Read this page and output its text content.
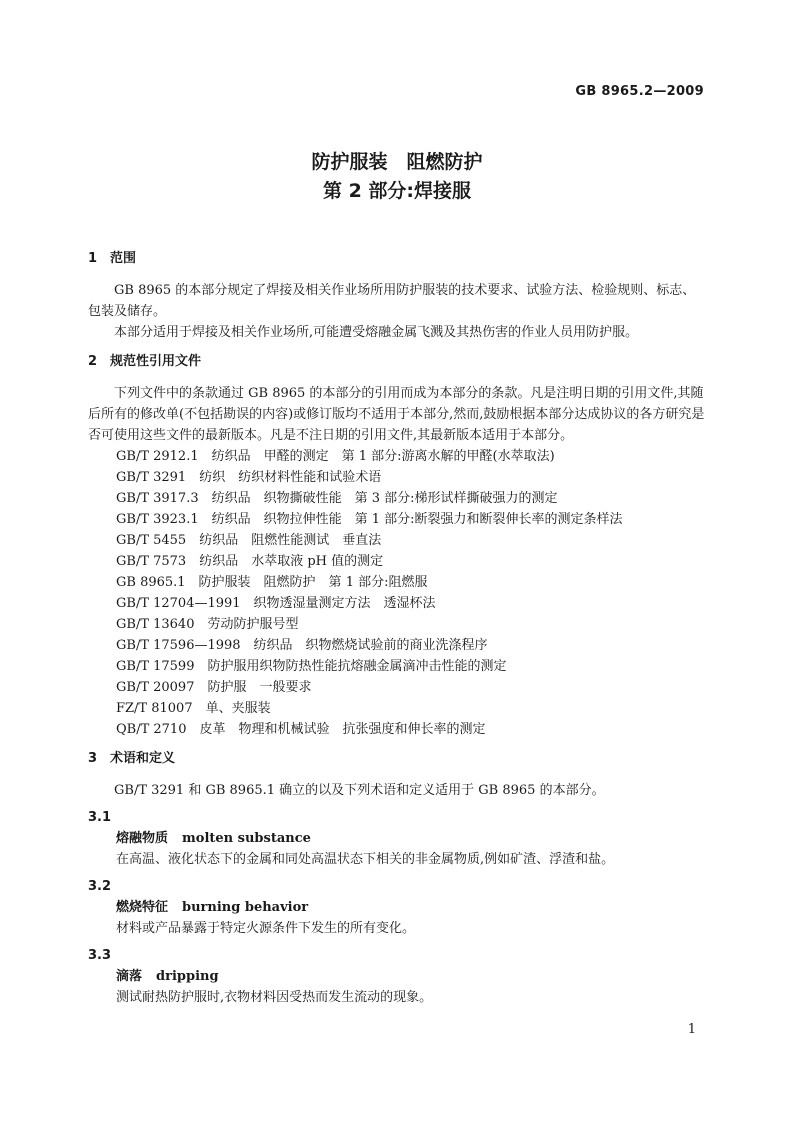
GB 8965.2—2009
防护服装　阻燃防护
第 2 部分:焊接服
1 范围

GB 8965 的本部分规定了焊接及相关作业场所用防护服装的技术要求、试验方法、检验规则、标志、包装及储存。

本部分适用于焊接及相关作业场所,可能遭受熔融金属飞溅及其热伤害的作业人员用防护服。

2 规范性引用文件

下列文件中的条款通过 GB 8965 的本部分的引用而成为本部分的条款。凡是注明日期的引用文件,其随后所有的修改单(不包括勘误的内容)或修订版均不适用于本部分,然而,鼓励根据本部分达成协议的各方研究是否可使用这些文件的最新版本。凡是不注日期的引用文件,其最新版本适用于本部分。

GB/T 2912.1　纺织品　甲醛的测定　第 1 部分:游离水解的甲醛(水萃取法)
GB/T 3291　纺织　纺织材料性能和试验术语
GB/T 3917.3　纺织品　织物撕破性能　第 3 部分:梯形试样撕破强力的测定
GB/T 3923.1　纺织品　织物拉伸性能　第 1 部分:断裂强力和断裂伸长率的测定条样法
GB/T 5455　纺织品　阻燃性能测试　垂直法
GB/T 7573　纺织品　水萃取液 pH 值的测定
GB 8965.1　防护服装　阻燃防护　第 1 部分:阻燃服
GB/T 12704—1991　织物透湿量测定方法　透湿杯法
GB/T 13640　劳动防护服号型
GB/T 17596—1998　纺织品　织物燃烧试验前的商业洗涤程序
GB/T 17599　防护服用织物防热性能抗熔融金属滴冲击性能的测定
GB/T 20097　防护服　一般要求
FZ/T 81007　单、夹服装
QB/T 2710　皮革　物理和机械试验　抗张强度和伸长率的测定
3 术语和定义

GB/T 3291 和 GB 8965.1 确立的以及下列术语和定义适用于 GB 8965 的本部分。

3.1
熔融物质 molten substance
在高温、液化状态下的金属和同处高温状态下相关的非金属物质,例如矿渣、浮渣和盐。
3.2
燃烧特征 burning behavior
材料或产品暴露于特定火源条件下发生的所有变化。
3.3
滴落 dripping
测试耐热防护服时,衣物材料因受热而发生流动的现象。
1
